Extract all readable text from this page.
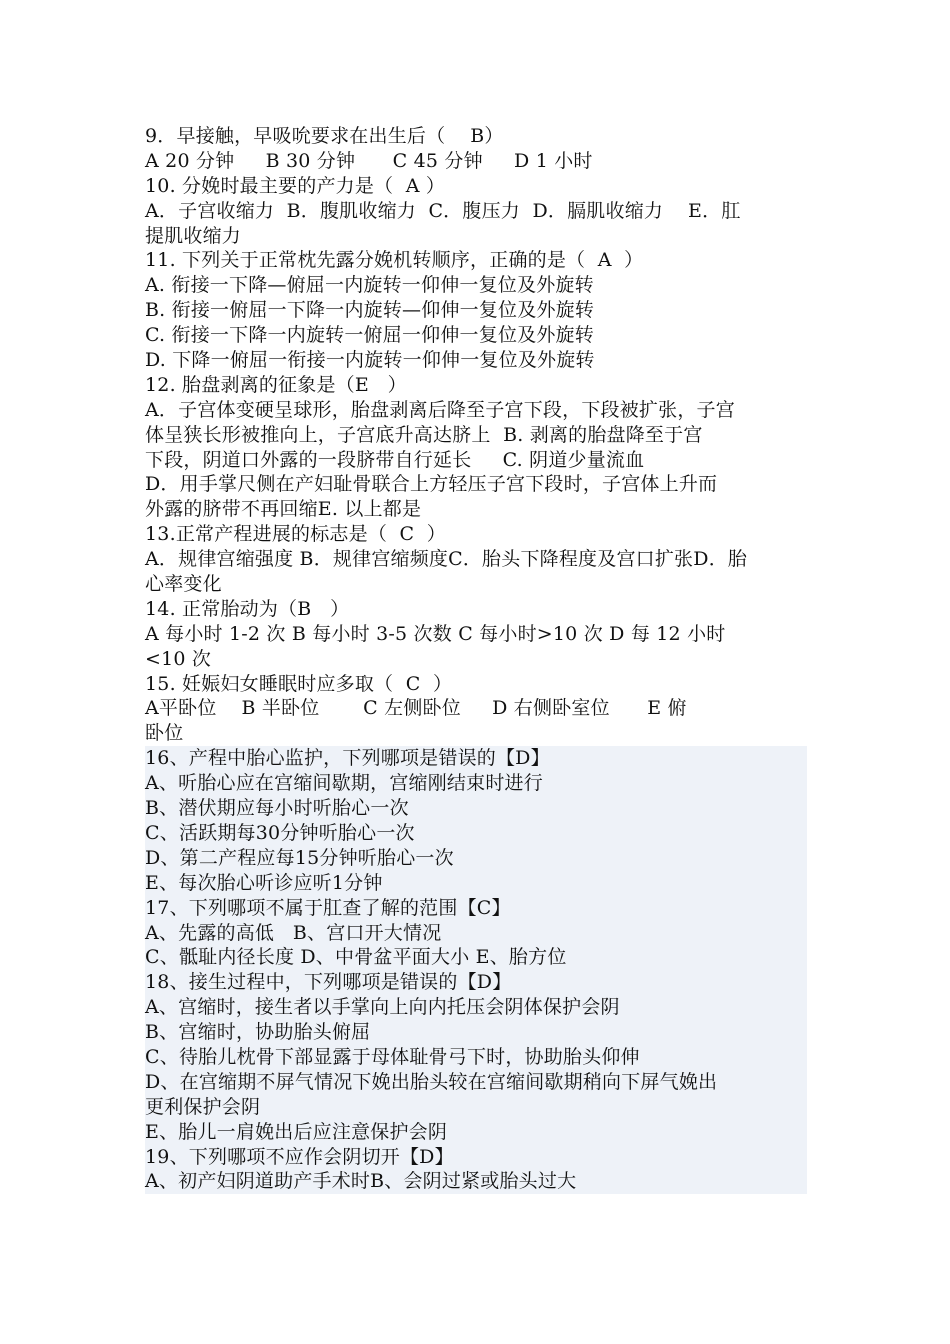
9．早接触，早吸吮要求在出生后（    B）
A 20 分钟     B 30 分钟      C 45 分钟     D 1 小时
10. 分娩时最主要的产力是（  A ）
A．子宫收缩力  B．腹肌收缩力  C．腹压力  D．膈肌收缩力    E．肛
提肌收缩力
11. 下列关于正常枕先露分娩机转顺序，正确的是（  A  ）
A. 衔接一下降—俯屈一内旋转一仰伸一复位及外旋转
B. 衔接一俯屈一下降一内旋转—仰伸一复位及外旋转
C. 衔接一下降一内旋转一俯屈一仰伸一复位及外旋转
D. 下降一俯屈一衔接一内旋转一仰伸一复位及外旋转
12. 胎盘剥离的征象是（E   ）
A．子宫体变硬呈球形，胎盘剥离后降至子宫下段，下段被扩张，子宫
体呈狭长形被推向上，子宫底升高达脐上  B. 剥离的胎盘降至于宫
下段，阴道口外露的一段脐带自行延长     C. 阴道少量流血
D．用手掌尺侧在产妇耻骨联合上方轻压子宫下段时，子宫体上升而
外露的脐带不再回缩E. 以上都是
13.正常产程进展的标志是（  C  ）
A．规律宫缩强度 B．规律宫缩频度C．胎头下降程度及宫口扩张D．胎
心率变化
14. 正常胎动为（B   ）
A 每小时 1-2 次 B 每小时 3-5 次数 C 每小时>10 次 D 每 12 小时
<10 次
15. 妊娠妇女睡眠时应多取（  C  ）
A平卧位    B 半卧位       C 左侧卧位     D 右侧卧室位      E 俯
卧位
16、产程中胎心监护，下列哪项是错误的【D】
A、听胎心应在宫缩间歇期，宫缩刚结束时进行
B、潜伏期应每小时听胎心一次
C、活跃期每30分钟听胎心一次
D、第二产程应每15分钟听胎心一次
E、每次胎心听诊应听1分钟
17、下列哪项不属于肛查了解的范围【C】
A、先露的高低   B、宫口开大情况
C、骶耻内径长度 D、中骨盆平面大小 E、胎方位
18、接生过程中，下列哪项是错误的【D】
A、宫缩时，接生者以手掌向上向内托压会阴体保护会阴
B、宫缩时，协助胎头俯屈
C、待胎儿枕骨下部显露于母体耻骨弓下时，协助胎头仰伸
D、在宫缩期不屏气情况下娩出胎头较在宫缩间歇期稍向下屏气娩出
更利保护会阴
E、胎儿一肩娩出后应注意保护会阴
19、下列哪项不应作会阴切开【D】
A、初产妇阴道助产手术时B、会阴过紧或胎头过大
